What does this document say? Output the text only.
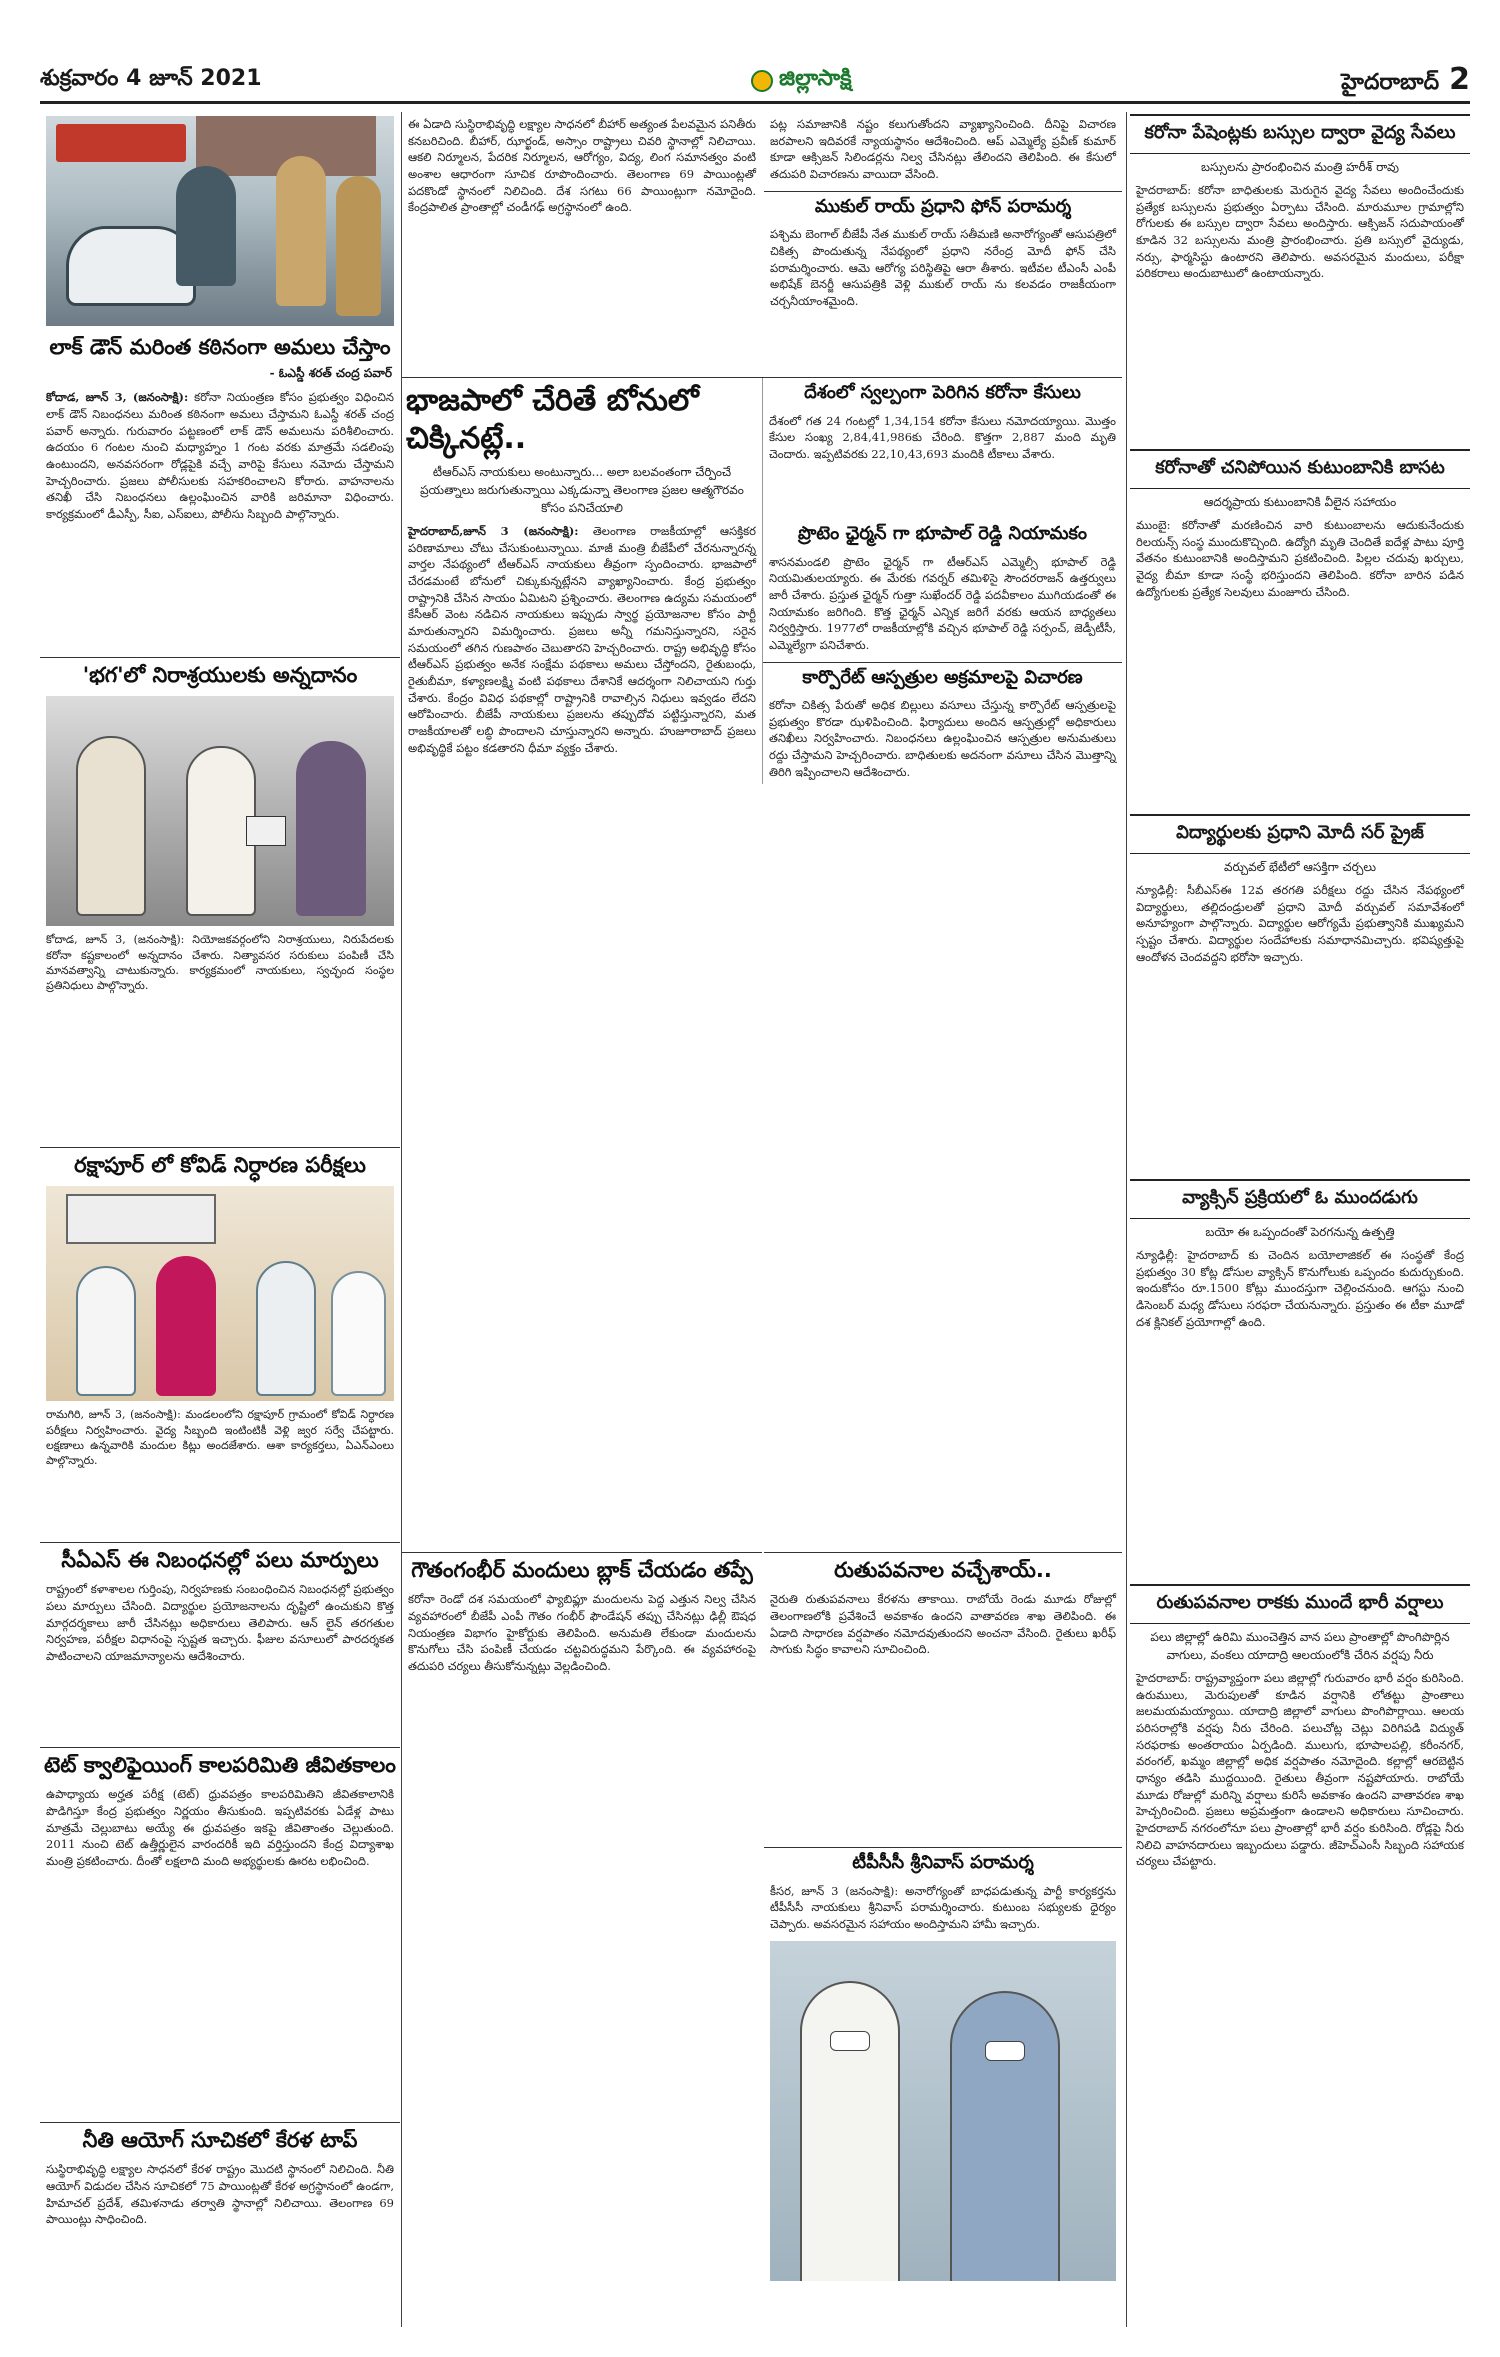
శుక్రవారం 4 జూన్ 2021	జిల్లాసాక్షి	హైదరాబాద్ 2
లాక్ డౌన్ మరింత కఠినంగా అమలు చేస్తాం
- ఓఎస్డీ శరత్ చంద్ర పవార్

కోదాడ, జూన్ 3, (జనంసాక్షి): కరోనా నియంత్రణ కోసం ప్రభుత్వం విధించిన లాక్ డౌన్ నిబంధనలు మరింత కఠినంగా అమలు చేస్తామని ఓఎస్డీ శరత్ చంద్ర పవార్ అన్నారు. గురువారం పట్టణంలో లాక్ డౌన్ అమలును పరిశీలించారు. ఉదయం 6 గంటల నుంచి మధ్యాహ్నం 1 గంట వరకు మాత్రమే సడలింపు ఉంటుందని, అనవసరంగా రోడ్లపైకి వచ్చే వారిపై కేసులు నమోదు చేస్తామని హెచ్చరించారు. ప్రజలు పోలీసులకు సహకరించాలని కోరారు. వాహనాలను తనిఖీ చేసి నిబంధనలు ఉల్లంఘించిన వారికి జరిమానా విధించారు. కార్యక్రమంలో డీఎస్పీ, సీఐ, ఎస్ఐలు, పోలీసు సిబ్బంది పాల్గొన్నారు.

'భగ'లో నిరాశ్రయులకు అన్నదానం

కోదాడ, జూన్ 3, (జనంసాక్షి): నియోజకవర్గంలోని నిరాశ్రయులు, నిరుపేదలకు కరోనా కష్టకాలంలో అన్నదానం చేశారు. నిత్యావసర సరుకులు పంపిణీ చేసి మానవత్వాన్ని చాటుకున్నారు. కార్యక్రమంలో నాయకులు, స్వచ్ఛంద సంస్థల ప్రతినిధులు పాల్గొన్నారు.

రక్షాపూర్ లో కోవిడ్ నిర్ధారణ పరీక్షలు

రామగిరి, జూన్ 3, (జనంసాక్షి): మండలంలోని రక్షాపూర్ గ్రామంలో కోవిడ్ నిర్ధారణ పరీక్షలు నిర్వహించారు. వైద్య సిబ్బంది ఇంటింటికీ వెళ్లి జ్వర సర్వే చేపట్టారు. లక్షణాలు ఉన్నవారికి మందుల కిట్లు అందజేశారు. ఆశా కార్యకర్తలు, ఏఎన్ఎంలు పాల్గొన్నారు.

సీఏఎస్ ఈ నిబంధనల్లో పలు మార్పులు

రాష్ట్రంలో కళాశాలల గుర్తింపు, నిర్వహణకు సంబంధించిన నిబంధనల్లో ప్రభుత్వం పలు మార్పులు చేసింది. విద్యార్థుల ప్రయోజనాలను దృష్టిలో ఉంచుకుని కొత్త మార్గదర్శకాలు జారీ చేసినట్లు అధికారులు తెలిపారు. ఆన్ లైన్ తరగతుల నిర్వహణ, పరీక్షల విధానంపై స్పష్టత ఇచ్చారు. ఫీజుల వసూలులో పారదర్శకత పాటించాలని యాజమాన్యాలను ఆదేశించారు.

టెట్ క్వాలిఫైయింగ్ కాలపరిమితి జీవితకాలం

ఉపాధ్యాయ అర్హత పరీక్ష (టెట్) ధ్రువపత్రం కాలపరిమితిని జీవితకాలానికి పొడిగిస్తూ కేంద్ర ప్రభుత్వం నిర్ణయం తీసుకుంది. ఇప్పటివరకు ఏడేళ్ల పాటు మాత్రమే చెల్లుబాటు అయ్యే ఈ ధ్రువపత్రం ఇకపై జీవితాంతం చెల్లుతుంది. 2011 నుంచి టెట్ ఉత్తీర్ణులైన వారందరికీ ఇది వర్తిస్తుందని కేంద్ర విద్యాశాఖ మంత్రి ప్రకటించారు. దీంతో లక్షలాది మంది అభ్యర్థులకు ఊరట లభించింది.

నీతి ఆయోగ్ సూచికలో కేరళ టాప్

సుస్థిరాభివృద్ధి లక్ష్యాల సాధనలో కేరళ రాష్ట్రం మొదటి స్థానంలో నిలిచింది. నీతి ఆయోగ్ విడుదల చేసిన సూచికలో 75 పాయింట్లతో కేరళ అగ్రస్థానంలో ఉండగా, హిమాచల్ ప్రదేశ్, తమిళనాడు తర్వాతి స్థానాల్లో నిలిచాయి. తెలంగాణ 69 పాయింట్లు సాధించింది.

ఈ ఏడాది సుస్థిరాభివృద్ధి లక్ష్యాల సాధనలో బీహార్ అత్యంత పేలవమైన పనితీరు కనబరిచింది. బీహార్, ఝార్ఖండ్, అస్సాం రాష్ట్రాలు చివరి స్థానాల్లో నిలిచాయి. ఆకలి నిర్మూలన, పేదరిక నిర్మూలన, ఆరోగ్యం, విద్య, లింగ సమానత్వం వంటి అంశాల ఆధారంగా సూచిక రూపొందించారు. తెలంగాణ 69 పాయింట్లతో పదకొండో స్థానంలో నిలిచింది. దేశ సగటు 66 పాయింట్లుగా నమోదైంది. కేంద్రపాలిత ప్రాంతాల్లో చండీగఢ్ అగ్రస్థానంలో ఉంది.

పట్ల సమాజానికి నష్టం కలుగుతోందని వ్యాఖ్యానించింది. దీనిపై విచారణ జరపాలని ఇదివరకే న్యాయస్థానం ఆదేశించింది. ఆప్ ఎమ్మెల్యే ప్రవీణ్ కుమార్ కూడా ఆక్సిజన్ సిలిండర్లను నిల్వ చేసినట్లు తేలిందని తెలిపింది. ఈ కేసులో తదుపరి విచారణను వాయిదా వేసింది.

ముకుల్ రాయ్ ప్రధాని ఫోన్ పరామర్శ

పశ్చిమ బెంగాల్ బీజేపీ నేత ముకుల్ రాయ్ సతీమణి అనారోగ్యంతో ఆసుపత్రిలో చికిత్స పొందుతున్న నేపథ్యంలో ప్రధాని నరేంద్ర మోదీ ఫోన్ చేసి పరామర్శించారు. ఆమె ఆరోగ్య పరిస్థితిపై ఆరా తీశారు. ఇటీవల టీఎంసీ ఎంపీ అభిషేక్ బెనర్జీ ఆసుపత్రికి వెళ్లి ముకుల్ రాయ్ ను కలవడం రాజకీయంగా చర్చనీయాంశమైంది.

భాజపాలో చేరితే బోనులో చిక్కినట్లే..

టీఆర్ఎస్ నాయకులు అంటున్నారు... అలా బలవంతంగా చేర్పించే ప్రయత్నాలు జరుగుతున్నాయి ఎక్కడున్నా తెలంగాణ ప్రజల ఆత్మగౌరవం కోసం పనిచేయాలి

దేశంలో స్వల్పంగా పెరిగిన కరోనా కేసులు

దేశంలో గత 24 గంటల్లో 1,34,154 కరోనా కేసులు నమోదయ్యాయి. మొత్తం కేసుల సంఖ్య 2,84,41,986కు చేరింది. కొత్తగా 2,887 మంది మృతి చెందారు. ఇప్పటివరకు 22,10,43,693 మందికి టీకాలు వేశారు.

హైదరాబాద్,జూన్ 3 (జనంసాక్షి): తెలంగాణ రాజకీయాల్లో ఆసక్తికర పరిణామాలు చోటు చేసుకుంటున్నాయి. మాజీ మంత్రి బీజేపీలో చేరనున్నారన్న వార్తల నేపథ్యంలో టీఆర్ఎస్ నాయకులు తీవ్రంగా స్పందించారు. భాజపాలో చేరడమంటే బోనులో చిక్కుకున్నట్లేనని వ్యాఖ్యానించారు. కేంద్ర ప్రభుత్వం రాష్ట్రానికి చేసిన సాయం ఏమిటని ప్రశ్నించారు. తెలంగాణ ఉద్యమ సమయంలో కేసీఆర్ వెంట నడిచిన నాయకులు ఇప్పుడు స్వార్థ ప్రయోజనాల కోసం పార్టీ మారుతున్నారని విమర్శించారు. ప్రజలు అన్నీ గమనిస్తున్నారని, సరైన సమయంలో తగిన గుణపాఠం చెబుతారని హెచ్చరించారు. రాష్ట్ర అభివృద్ధి కోసం టీఆర్ఎస్ ప్రభుత్వం అనేక సంక్షేమ పథకాలు అమలు చేస్తోందని, రైతుబంధు, రైతుబీమా, కళ్యాణలక్ష్మి వంటి పథకాలు దేశానికే ఆదర్శంగా నిలిచాయని గుర్తు చేశారు. కేంద్రం వివిధ పథకాల్లో రాష్ట్రానికి రావాల్సిన నిధులు ఇవ్వడం లేదని ఆరోపించారు. బీజేపీ నాయకులు ప్రజలను తప్పుదోవ పట్టిస్తున్నారని, మత రాజకీయాలతో లబ్ధి పొందాలని చూస్తున్నారని అన్నారు. హుజూరాబాద్ ప్రజలు అభివృద్ధికే పట్టం కడతారని ధీమా వ్యక్తం చేశారు.

ప్రొటెం ఛైర్మన్ గా భూపాల్ రెడ్డి నియామకం

శాసనమండలి ప్రొటెం ఛైర్మన్ గా టీఆర్ఎస్ ఎమ్మెల్సీ భూపాల్ రెడ్డి నియమితులయ్యారు. ఈ మేరకు గవర్నర్ తమిళిసై సౌందరరాజన్ ఉత్తర్వులు జారీ చేశారు. ప్రస్తుత ఛైర్మన్ గుత్తా సుఖేందర్ రెడ్డి పదవీకాలం ముగియడంతో ఈ నియామకం జరిగింది. కొత్త ఛైర్మన్ ఎన్నిక జరిగే వరకు ఆయన బాధ్యతలు నిర్వర్తిస్తారు. 1977లో రాజకీయాల్లోకి వచ్చిన భూపాల్ రెడ్డి సర్పంచ్, జెడ్పీటీసీ, ఎమ్మెల్యేగా పనిచేశారు.

కార్పొరేట్ ఆస్పత్రుల అక్రమాలపై విచారణ

కరోనా చికిత్స పేరుతో అధిక బిల్లులు వసూలు చేస్తున్న కార్పొరేట్ ఆస్పత్రులపై ప్రభుత్వం కొరడా ఝళిపించింది. ఫిర్యాదులు అందిన ఆస్పత్రుల్లో అధికారులు తనిఖీలు నిర్వహించారు. నిబంధనలు ఉల్లంఘించిన ఆస్పత్రుల అనుమతులు రద్దు చేస్తామని హెచ్చరించారు. బాధితులకు అదనంగా వసూలు చేసిన మొత్తాన్ని తిరిగి ఇప్పించాలని ఆదేశించారు.

గౌతంగంభీర్ మందులు బ్లాక్ చేయడం తప్పే

కరోనా రెండో దశ సమయంలో ఫ్యాబిఫ్లూ మందులను పెద్ద ఎత్తున నిల్వ చేసిన వ్యవహారంలో బీజేపీ ఎంపీ గౌతం గంభీర్ ఫౌండేషన్ తప్పు చేసినట్లు ఢిల్లీ ఔషధ నియంత్రణ విభాగం హైకోర్టుకు తెలిపింది. అనుమతి లేకుండా మందులను కొనుగోలు చేసి పంపిణీ చేయడం చట్టవిరుద్ధమని పేర్కొంది. ఈ వ్యవహారంపై తదుపరి చర్యలు తీసుకోనున్నట్లు వెల్లడించింది.

రుతుపవనాల వచ్చేశాయ్..

నైరుతి రుతుపవనాలు కేరళను తాకాయి. రాబోయే రెండు మూడు రోజుల్లో తెలంగాణలోకి ప్రవేశించే అవకాశం ఉందని వాతావరణ శాఖ తెలిపింది. ఈ ఏడాది సాధారణ వర్షపాతం నమోదవుతుందని అంచనా వేసింది. రైతులు ఖరీఫ్ సాగుకు సిద్ధం కావాలని సూచించింది.

టీపీసీసీ శ్రీనివాస్ పరామర్శ

కీసర, జూన్ 3 (జనంసాక్షి): అనారోగ్యంతో బాధపడుతున్న పార్టీ కార్యకర్తను టీపీసీసీ నాయకులు శ్రీనివాస్ పరామర్శించారు. కుటుంబ సభ్యులకు ధైర్యం చెప్పారు. అవసరమైన సహాయం అందిస్తామని హామీ ఇచ్చారు.

కరోనా పేషెంట్లకు బస్సుల ద్వారా వైద్య సేవలు

బస్సులను ప్రారంభించిన మంత్రి హరీశ్ రావు

హైదరాబాద్: కరోనా బాధితులకు మెరుగైన వైద్య సేవలు అందించేందుకు ప్రత్యేక బస్సులను ప్రభుత్వం ఏర్పాటు చేసింది. మారుమూల గ్రామాల్లోని రోగులకు ఈ బస్సుల ద్వారా సేవలు అందిస్తారు. ఆక్సిజన్ సదుపాయంతో కూడిన 32 బస్సులను మంత్రి ప్రారంభించారు. ప్రతి బస్సులో వైద్యుడు, నర్సు, ఫార్మసిస్టు ఉంటారని తెలిపారు. అవసరమైన మందులు, పరీక్షా పరికరాలు అందుబాటులో ఉంటాయన్నారు.

కరోనాతో చనిపోయిన కుటుంబానికి బాసట

ఆదర్శప్రాయ కుటుంబానికి వీలైన సహాయం

ముంబై: కరోనాతో మరణించిన వారి కుటుంబాలను ఆదుకునేందుకు రిలయన్స్ సంస్థ ముందుకొచ్చింది. ఉద్యోగి మృతి చెందితే ఐదేళ్ల పాటు పూర్తి వేతనం కుటుంబానికి అందిస్తామని ప్రకటించింది. పిల్లల చదువు ఖర్చులు, వైద్య బీమా కూడా సంస్థే భరిస్తుందని తెలిపింది. కరోనా బారిన పడిన ఉద్యోగులకు ప్రత్యేక సెలవులు మంజూరు చేసింది.

విద్యార్థులకు ప్రధాని మోదీ సర్ ప్రైజ్

వర్చువల్ భేటీలో ఆసక్తిగా చర్చలు

న్యూఢిల్లీ: సీబీఎస్ఈ 12వ తరగతి పరీక్షలు రద్దు చేసిన నేపథ్యంలో విద్యార్థులు, తల్లిదండ్రులతో ప్రధాని మోదీ వర్చువల్ సమావేశంలో అనూహ్యంగా పాల్గొన్నారు. విద్యార్థుల ఆరోగ్యమే ప్రభుత్వానికి ముఖ్యమని స్పష్టం చేశారు. విద్యార్థుల సందేహాలకు సమాధానమిచ్చారు. భవిష్యత్తుపై ఆందోళన చెందవద్దని భరోసా ఇచ్చారు.

వ్యాక్సిన్ ప్రక్రియలో ఓ ముందడుగు

బయో ఈ ఒప్పందంతో పెరగనున్న ఉత్పత్తి

న్యూఢిల్లీ: హైదరాబాద్ కు చెందిన బయోలాజికల్ ఈ సంస్థతో కేంద్ర ప్రభుత్వం 30 కోట్ల డోసుల వ్యాక్సిన్ కొనుగోలుకు ఒప్పందం కుదుర్చుకుంది. ఇందుకోసం రూ.1500 కోట్లు ముందస్తుగా చెల్లించనుంది. ఆగస్టు నుంచి డిసెంబర్ మధ్య డోసులు సరఫరా చేయనున్నారు. ప్రస్తుతం ఈ టీకా మూడో దశ క్లినికల్ ప్రయోగాల్లో ఉంది.

రుతుపవనాల రాకకు ముందే భారీ వర్షాలు

పలు జిల్లాల్లో ఉరిమి ముంచెత్తిన వాన పలు ప్రాంతాల్లో పొంగిపొర్లిన వాగులు, వంకలు యాదాద్రి ఆలయంలోకి చేరిన వర్షపు నీరు

హైదరాబాద్: రాష్ట్రవ్యాప్తంగా పలు జిల్లాల్లో గురువారం భారీ వర్షం కురిసింది. ఉరుములు, మెరుపులతో కూడిన వర్షానికి లోతట్టు ప్రాంతాలు జలమయమయ్యాయి. యాదాద్రి జిల్లాలో వాగులు పొంగిపొర్లాయి. ఆలయ పరిసరాల్లోకి వర్షపు నీరు చేరింది. పలుచోట్ల చెట్లు విరిగిపడి విద్యుత్ సరఫరాకు అంతరాయం ఏర్పడింది. ములుగు, భూపాలపల్లి, కరీంనగర్, వరంగల్, ఖమ్మం జిల్లాల్లో అధిక వర్షపాతం నమోదైంది. కల్లాల్లో ఆరబెట్టిన ధాన్యం తడిసి ముద్దయింది. రైతులు తీవ్రంగా నష్టపోయారు. రాబోయే మూడు రోజుల్లో మరిన్ని వర్షాలు కురిసే అవకాశం ఉందని వాతావరణ శాఖ హెచ్చరించింది. ప్రజలు అప్రమత్తంగా ఉండాలని అధికారులు సూచించారు. హైదరాబాద్ నగరంలోనూ పలు ప్రాంతాల్లో భారీ వర్షం కురిసింది. రోడ్లపై నీరు నిలిచి వాహనదారులు ఇబ్బందులు పడ్డారు. జీహెచ్ఎంసీ సిబ్బంది సహాయక చర్యలు చేపట్టారు.
